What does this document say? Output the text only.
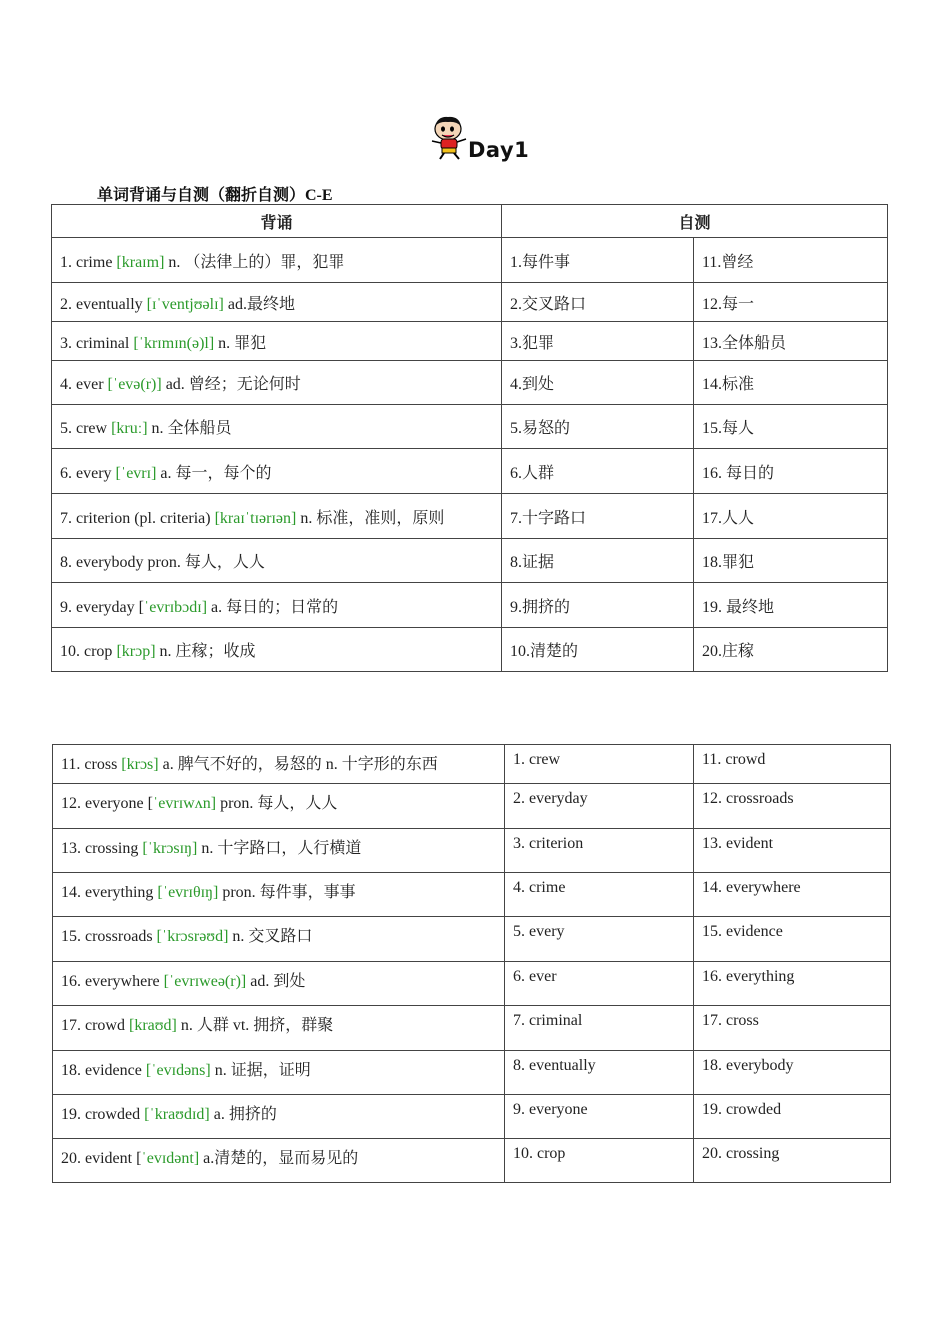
Day1
单词背诵与自测（翻折自测）C-E
背诵	自测	
1. crime [kraɪm] n. （法律上的）罪，犯罪	1.每件事	11.曾经
2. eventually [ɪˈventjʊəlɪ] ad.最终地	2.交叉路口	12.每一
3. criminal [ˈkrɪmɪn(ə)l] n. 罪犯	3.犯罪	13.全体船员
4. ever [ˈevə(r)] ad. 曾经；无论何时	4.到处	14.标准
5. crew [kruː] n. 全体船员	5.易怒的	15.每人
6. every [ˈevrɪ] a. 每一，每个的	6.人群	16. 每日的
7. criterion (pl. criteria) [kraɪˈtɪərɪən] n. 标准，准则，原则	7.十字路口	17.人人
8. everybody pron. 每人，人人	8.证据	18.罪犯
9. everyday [ˈevrɪbɔdɪ] a. 每日的；日常的	9.拥挤的	19. 最终地
10. crop [krɔp] n. 庄稼；收成	10.清楚的	20.庄稼
11. cross [krɔs] a. 脾气不好的，易怒的 n. 十字形的东西	1. crew	11. crowd
12. everyone [ˈevrɪwʌn] pron. 每人，人人	2. everyday	12. crossroads
13. crossing [ˈkrɔsɪŋ] n. 十字路口，人行横道	3. criterion	13. evident
14. everything [ˈevrɪθɪŋ] pron. 每件事，事事	4. crime	14. everywhere
15. crossroads [ˈkrɔsrəʊd] n. 交叉路口	5. every	15. evidence
16. everywhere [ˈevrɪweə(r)] ad. 到处	6. ever	16. everything
17. crowd [kraʊd] n. 人群 vt. 拥挤，群聚	7. criminal	17. cross
18. evidence [ˈevɪdəns] n. 证据，证明	8. eventually	18. everybody
19. crowded [ˈkraʊdɪd] a. 拥挤的	9. everyone	19. crowded
20. evident [ˈevɪdənt] a.清楚的，显而易见的	10. crop	20. crossing
